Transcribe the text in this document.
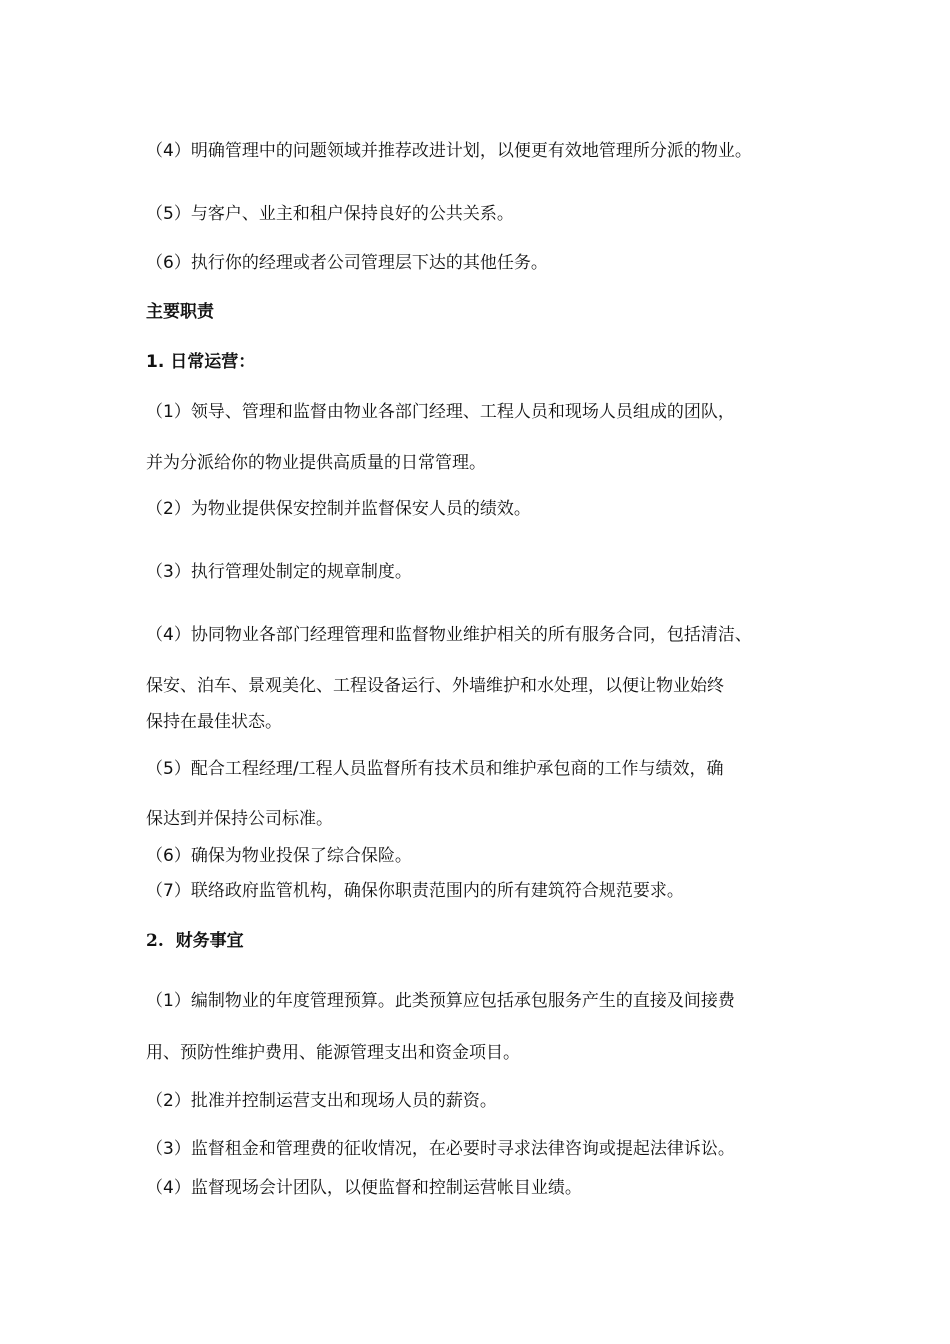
（4）明确管理中的问题领域并推荐改进计划，以便更有效地管理所分派的物业。
（5）与客户、业主和租户保持良好的公共关系。
（6）执行你的经理或者公司管理层下达的其他任务。
主要职责
1. 日常运营：
（1）领导、管理和监督由物业各部门经理、工程人员和现场人员组成的团队，
并为分派给你的物业提供高质量的日常管理。
（2）为物业提供保安控制并监督保安人员的绩效。
（3）执行管理处制定的规章制度。
（4）协同物业各部门经理管理和监督物业维护相关的所有服务合同，包括清洁、
保安、泊车、景观美化、工程设备运行、外墙维护和水处理，以便让物业始终
保持在最佳状态。
（5）配合工程经理/工程人员监督所有技术员和维护承包商的工作与绩效，确
保达到并保持公司标准。
（6）确保为物业投保了综合保险。
（7）联络政府监管机构，确保你职责范围内的所有建筑符合规范要求。
2. 财务事宜
（1）编制物业的年度管理预算。此类预算应包括承包服务产生的直接及间接费
用、预防性维护费用、能源管理支出和资金项目。
（2）批准并控制运营支出和现场人员的薪资。
（3）监督租金和管理费的征收情况，在必要时寻求法律咨询或提起法律诉讼。
（4）监督现场会计团队，以便监督和控制运营帐目业绩。
